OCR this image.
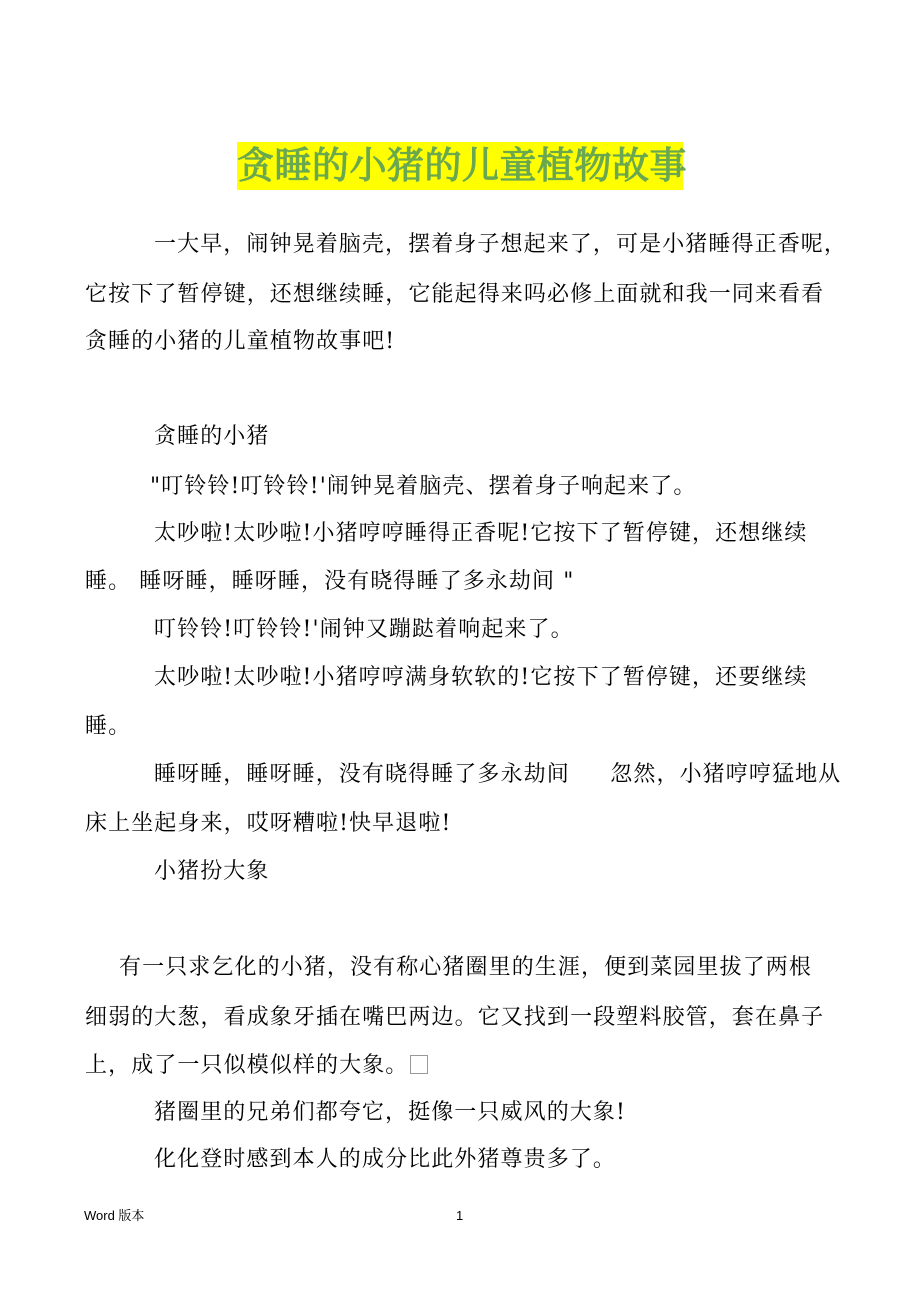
贪睡的小猪的儿童植物故事
一大早，闹钟晃着脑壳，摆着身子想起来了，可是小猪睡得正香呢，
它按下了暂停键，还想继续睡，它能起得来吗必修上面就和我一同来看看
贪睡的小猪的儿童植物故事吧!
贪睡的小猪
"叮铃铃!叮铃铃!'闹钟晃着脑壳、摆着身子响起来了。
太吵啦!太吵啦!小猪哼哼睡得正香呢!它按下了暂停键，还想继续
睡。 睡呀睡，睡呀睡，没有晓得睡了多永劫间 "
叮铃铃!叮铃铃!'闹钟又蹦跶着响起来了。
太吵啦!太吵啦!小猪哼哼满身软软的!它按下了暂停键，还要继续
睡。
睡呀睡，睡呀睡，没有晓得睡了多永劫间     忽然，小猪哼哼猛地从
床上坐起身来，哎呀糟啦!快早退啦!
小猪扮大象
有一只求乞化的小猪，没有称心猪圈里的生涯，便到菜园里拔了两根
细弱的大葱，看成象牙插在嘴巴两边。它又找到一段塑料胶管，套在鼻子
上，成了一只似模似样的大象。
猪圈里的兄弟们都夸它，挺像一只威风的大象!
化化登时感到本人的成分比此外猪尊贵多了。
Word 版本	1
